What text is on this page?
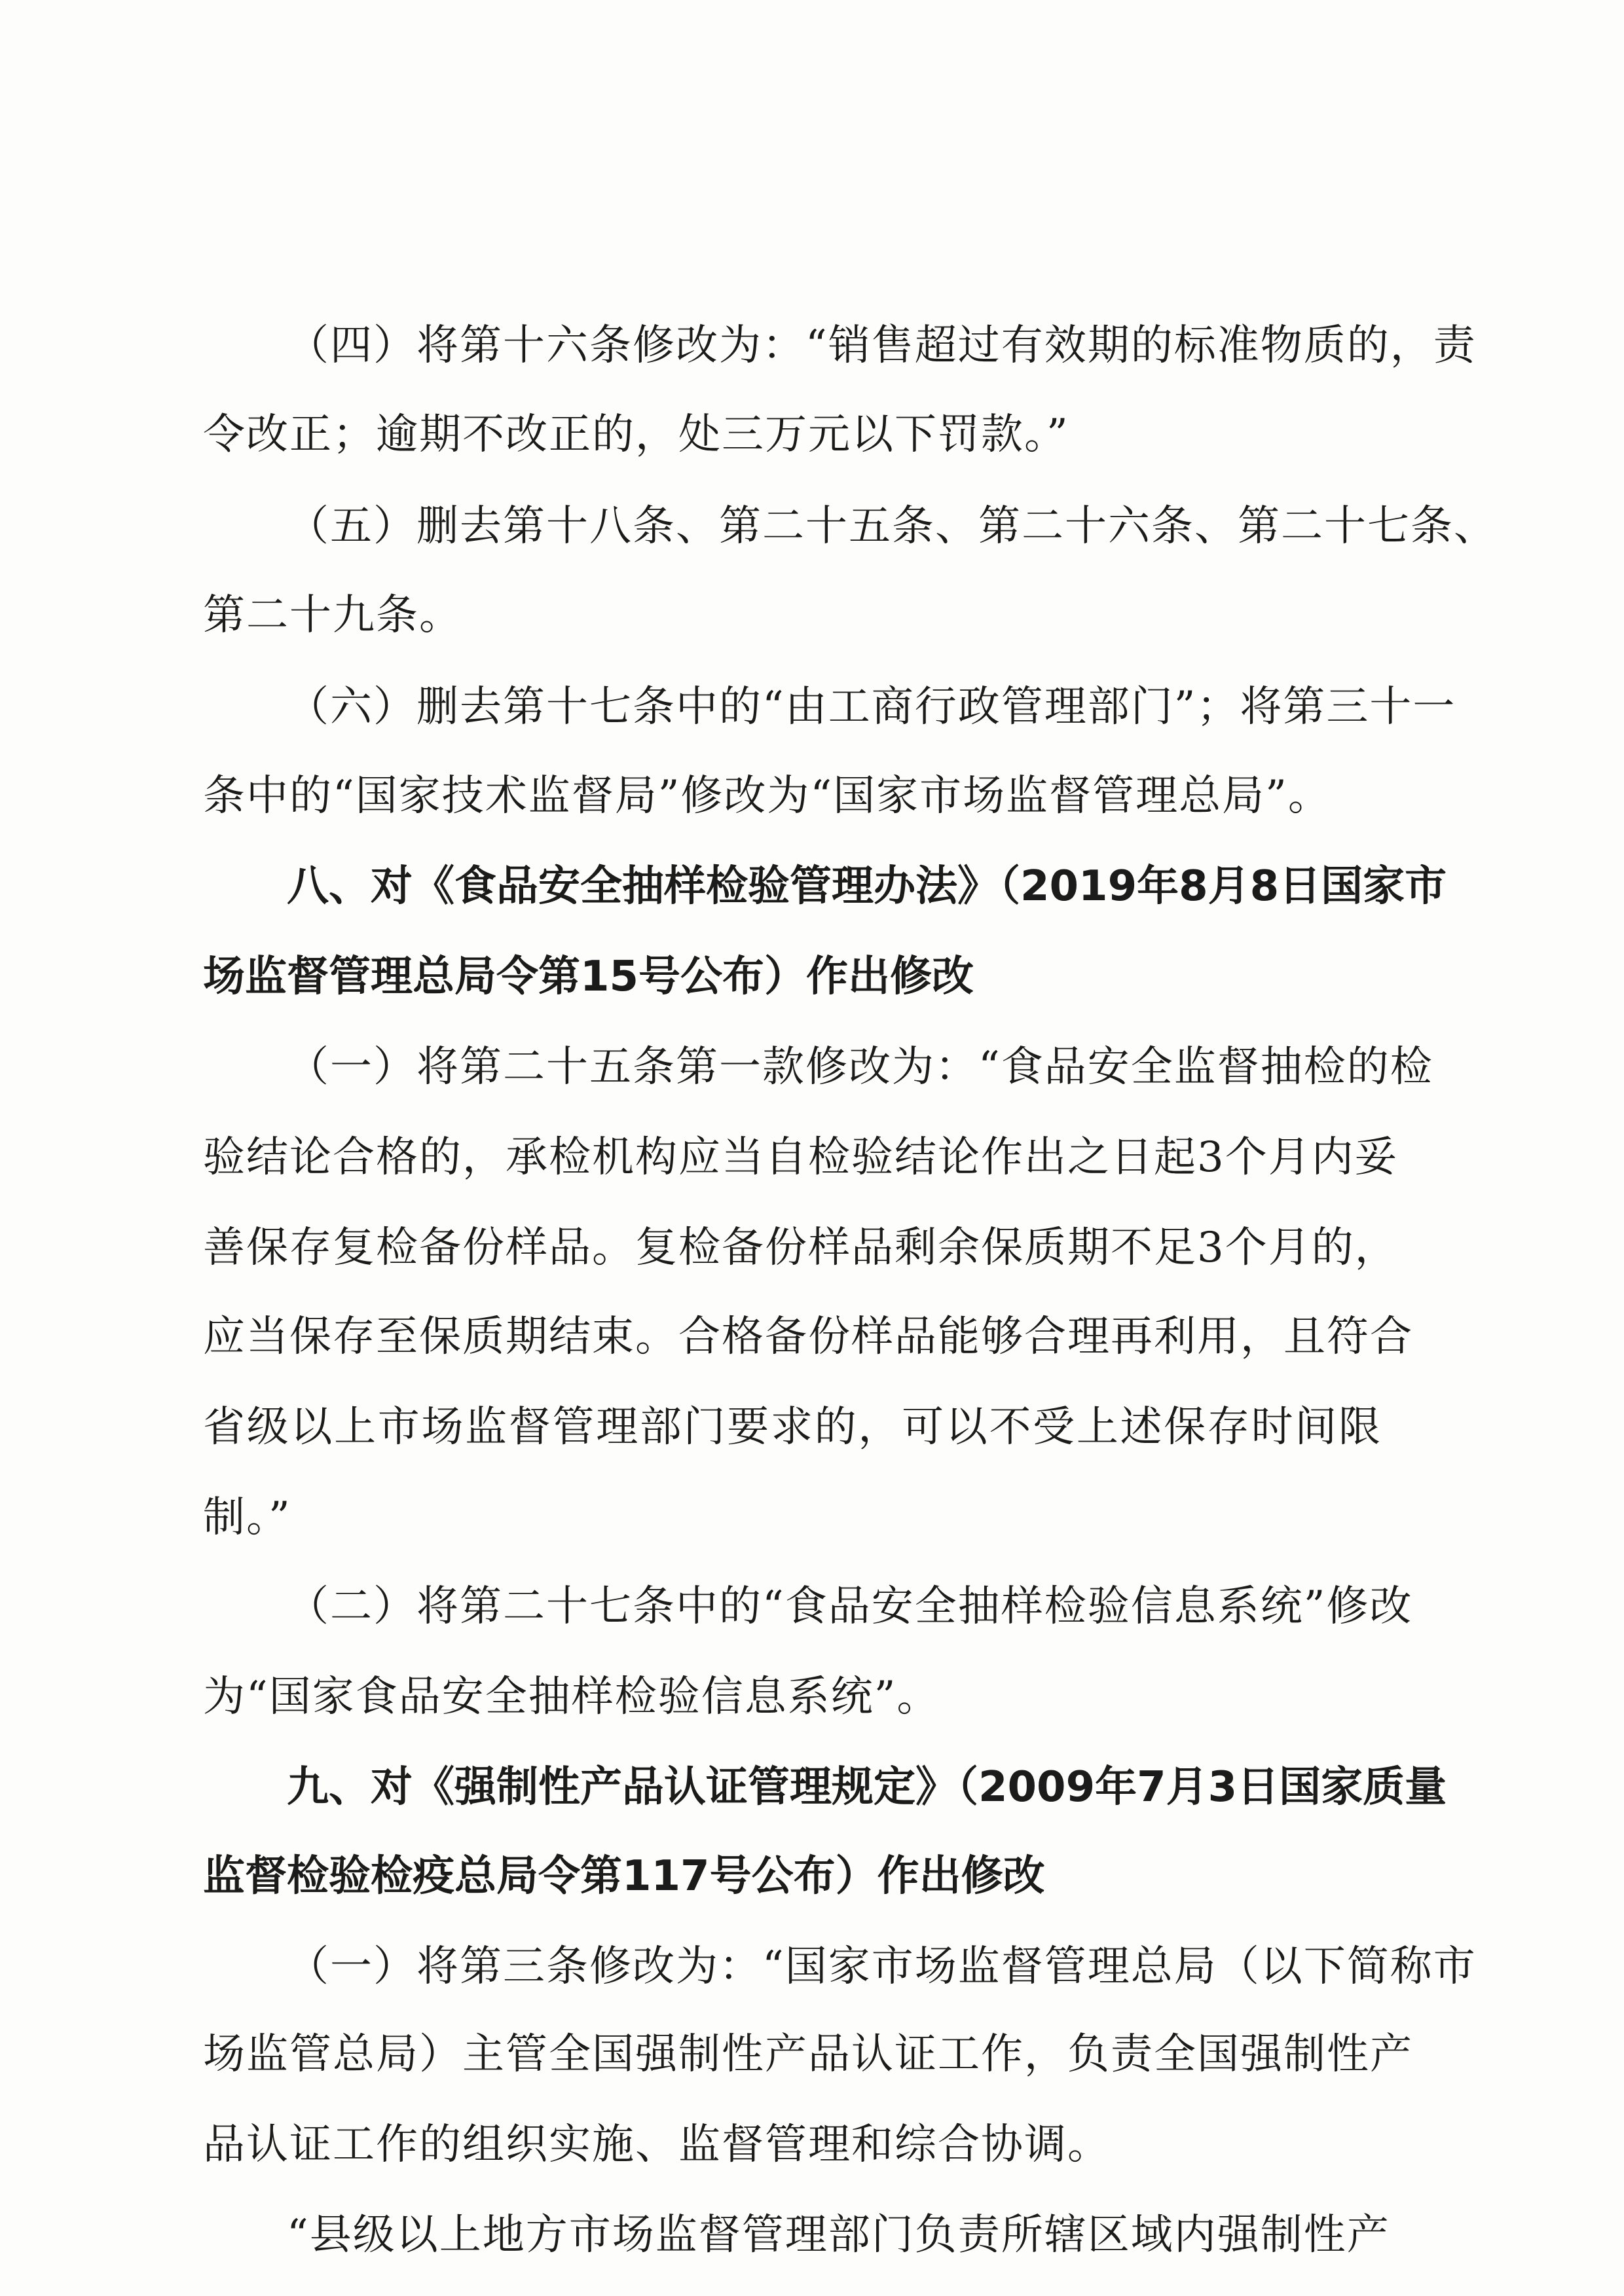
（四）将第十六条修改为：“销售超过有效期的标准物质的，责
令改正；逾期不改正的，处三万元以下罚款。”
（五）删去第十八条、第二十五条、第二十六条、第二十七条、
第二十九条。
（六）删去第十七条中的“由工商行政管理部门”；将第三十一
条中的“国家技术监督局”修改为“国家市场监督管理总局”。
八、对《食品安全抽样检验管理办法》（2019年8月8日国家市
场监督管理总局令第15号公布）作出修改
（一）将第二十五条第一款修改为：“食品安全监督抽检的检
验结论合格的，承检机构应当自检验结论作出之日起3个月内妥
善保存复检备份样品。复检备份样品剩余保质期不足3个月的，
应当保存至保质期结束。合格备份样品能够合理再利用，且符合
省级以上市场监督管理部门要求的，可以不受上述保存时间限
制。”
（二）将第二十七条中的“食品安全抽样检验信息系统”修改
为“国家食品安全抽样检验信息系统”。
九、对《强制性产品认证管理规定》（2009年7月3日国家质量
监督检验检疫总局令第117号公布）作出修改
（一）将第三条修改为：“国家市场监督管理总局（以下简称市
场监管总局）主管全国强制性产品认证工作，负责全国强制性产
品认证工作的组织实施、监督管理和综合协调。
“县级以上地方市场监督管理部门负责所辖区域内强制性产
